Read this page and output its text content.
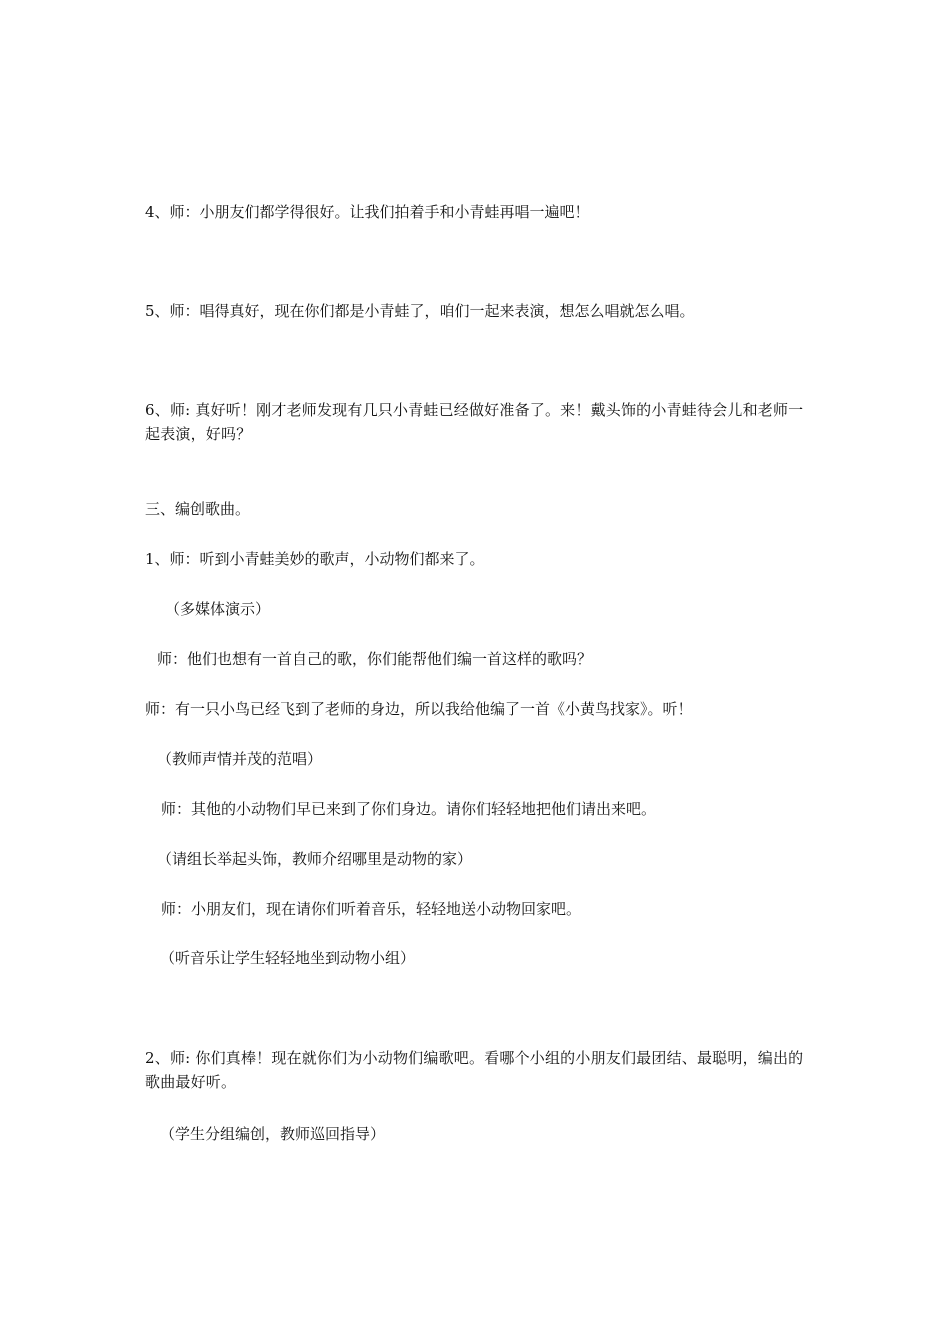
4、师：小朋友们都学得很好。让我们拍着手和小青蛙再唱一遍吧！
5、师：唱得真好，现在你们都是小青蛙了，咱们一起来表演，想怎么唱就怎么唱。
6、师: 真好听！刚才老师发现有几只小青蛙已经做好准备了。来！戴头饰的小青蛙待会儿和老师一起表演，好吗？
三、编创歌曲。
1、师：听到小青蛙美妙的歌声，小动物们都来了。
（多媒体演示）
师：他们也想有一首自己的歌，你们能帮他们编一首这样的歌吗？
师：有一只小鸟已经飞到了老师的身边，所以我给他编了一首《小黄鸟找家》。听！
（教师声情并茂的范唱）
师：其他的小动物们早已来到了你们身边。请你们轻轻地把他们请出来吧。
（请组长举起头饰，教师介绍哪里是动物的家）
师：小朋友们，现在请你们听着音乐，轻轻地送小动物回家吧。
（听音乐让学生轻轻地坐到动物小组）
2、师: 你们真棒！现在就你们为小动物们编歌吧。看哪个小组的小朋友们最团结、最聪明，编出的歌曲最好听。
（学生分组编创，教师巡回指导）
